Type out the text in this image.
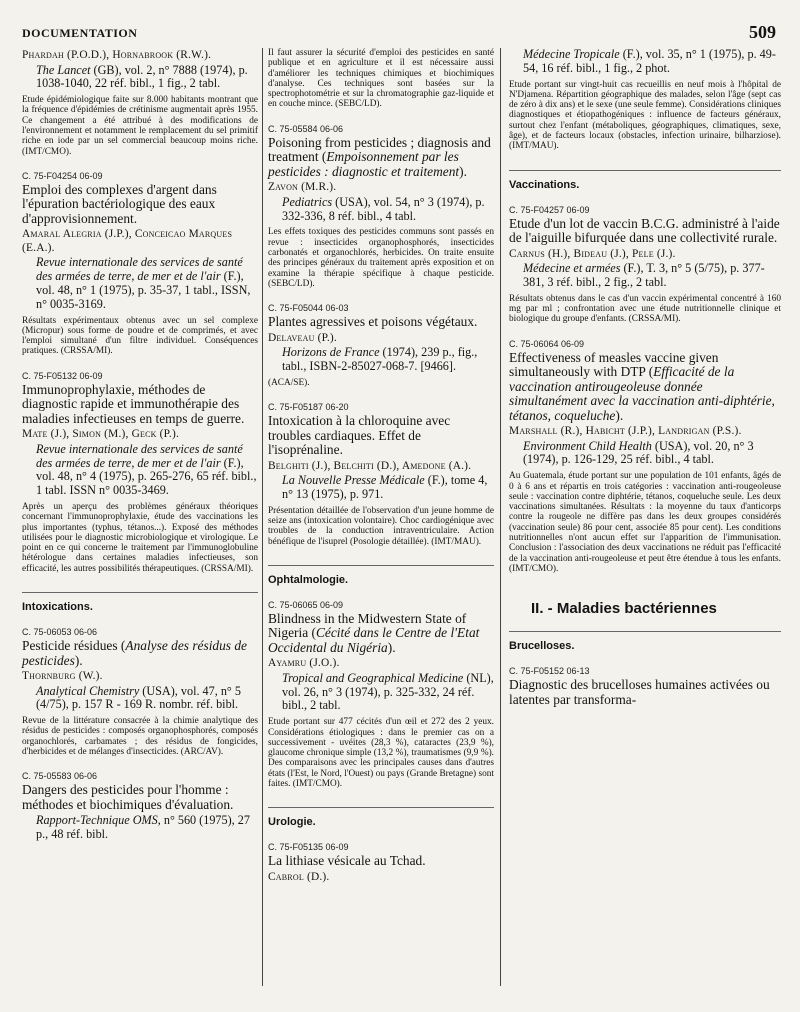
DOCUMENTATION	509

Phardah (P.O.D.), Hornabrook (R.W.).

The Lancet (GB), vol. 2, n° 7888 (1974), p. 1038-1040, 22 réf. bibl., 1 fig., 2 tabl.

Etude épidémiologique faite sur 8.000 habitants montrant que la fréquence d'épidémies de crétinisme augmentait après 1955. Ce changement a été attribué à des modifications de l'environnement et notamment le remplacement du sel primitif riche en iode par un sel commercial beaucoup moins riche. (IMT/CMO).

C. 75-F04254 06-09

Emploi des complexes d'argent dans l'épuration bactériologique des eaux d'approvisionnement.

Amaral Alegria (J.P.), Conceicao Marques (E.A.).

Revue internationale des services de santé des armées de terre, de mer et de l'air (F.), vol. 48, n° 1 (1975), p. 35-37, 1 tabl., ISSN, n° 0035-3169.

Résultats expérimentaux obtenus avec un sel complexe (Micropur) sous forme de poudre et de comprimés, et avec l'emploi simultané d'un filtre individuel. Conséquences pratiques. (CRSSA/MI).

C. 75-F05132 06-09

Immunoprophylaxie, méthodes de diagnostic rapide et immunothérapie des maladies infectieuses en temps de guerre.

Mate (J.), Simon (M.), Geck (P.).

Revue internationale des services de santé des armées de terre, de mer et de l'air (F.), vol. 48, n° 4 (1975), p. 265-276, 65 réf. bibl., 1 tabl. ISSN n° 0035-3469.

Après un aperçu des problèmes généraux théoriques concernant l'immunoprophylaxie, étude des vaccinations les plus importantes (typhus, tétanos...). Exposé des méthodes utilisées pour le diagnostic microbiologique et virologique. Le point en ce qui concerne le traitement par l'immunoglobuline hétérologue dans certaines maladies infectieuses, son efficacité, les autres possibilités thérapeutiques. (CRSSA/MI).

Intoxications.

C. 75-06053 06-06

Pesticide résidues (Analyse des résidus de pesticides).

Thornburg (W.).

Analytical Chemistry (USA), vol. 47, n° 5 (4/75), p. 157 R - 169 R. nombr. réf. bibl.

Revue de la littérature consacrée à la chimie analytique des résidus de pesticides : composés organophosphorés, composés organochlorés, carbamates ; des résidus de fongicides, d'herbicides et de mélanges d'insecticides. (ARC/AV).

C. 75-05583 06-06

Dangers des pesticides pour l'homme : méthodes et biochimiques d'évaluation.

Rapport-Technique OMS, n° 560 (1975), 27 p., 48 réf. bibl.

Il faut assurer la sécurité d'emploi des pesticides en santé publique et en agriculture et il est nécessaire aussi d'améliorer les techniques chimiques et biochimiques d'analyse. Ces techniques sont basées sur la spectrophotométrie et sur la chromatographie gaz-liquide et en couche mince. (SEBC/LD).

C. 75-05584 06-06

Poisoning from pesticides ; diagnosis and treatment (Empoisonnement par les pesticides : diagnostic et traitement).

Zavon (M.R.).

Pediatrics (USA), vol. 54, n° 3 (1974), p. 332-336, 8 réf. bibl., 4 tabl.

Les effets toxiques des pesticides communs sont passés en revue : insecticides organophosphorés, insecticides carbonatés et organochlorés, herbicides. On traite ensuite des principes généraux du traitement après exposition et on examine la thérapie spécifique à chaque pesticide. (SEBC/LD).

C. 75-F05044 06-03

Plantes agressives et poisons végétaux.

Delaveau (P.).

Horizons de France (1974), 239 p., fig., tabl., ISBN-2-85027-068-7. [9466].

(ACA/SE).

C. 75-F05187 06-20

Intoxication à la chloroquine avec troubles cardiaques. Effet de l'isoprénaline.

Belghiti (J.), Belchiti (D.), Amedone (A.).

La Nouvelle Presse Médicale (F.), tome 4, n° 13 (1975), p. 971.

Présentation détaillée de l'observation d'un jeune homme de seize ans (intoxication volontaire). Choc cardiogénique avec troubles de la conduction intraventriculaire. Action bénéfique de l'isuprel (Posologie détaillée). (IMT/MAU).

Ophtalmologie.

C. 75-06065 06-09

Blindness in the Midwestern State of Nigeria (Cécité dans le Centre de l'Etat Occidental du Nigéria).

Ayamru (J.O.).

Tropical and Geographical Medicine (NL), vol. 26, n° 3 (1974), p. 325-332, 24 réf. bibl., 2 tabl.

Etude portant sur 477 cécités d'un œil et 272 des 2 yeux. Considérations étiologiques : dans le premier cas on a successivement - uvéites (28,3 %), cataractes (23,9 %), glaucome chronique simple (13,2 %), traumatismes (9,9 %). Des comparaisons avec les principales causes dans d'autres états (l'Est, le Nord, l'Ouest) ou pays (Grande Bretagne) sont faites. (IMT/CMO).

Urologie.

C. 75-F05135 06-09

La lithiase vésicale au Tchad.

Cabrol (D.).

Médecine Tropicale (F.), vol. 35, n° 1 (1975), p. 49-54, 16 réf. bibl., 1 fig., 2 phot.

Etude portant sur vingt-huit cas recueillis en neuf mois à l'hôpital de N'Djamena. Répartition géographique des malades, selon l'âge (sept cas de zéro à dix ans) et le sexe (une seule femme). Considérations cliniques diagnostiques et étiopathogéniques : influence de facteurs généraux, surtout chez l'enfant (métaboliques, géographiques, climatiques, sexe, âge), et de facteurs locaux (obstacles, infection urinaire, bilharziose). (IMT/MAU).

Vaccinations.

C. 75-F04257 06-09

Etude d'un lot de vaccin B.C.G. administré à l'aide de l'aiguille bifurquée dans une collectivité rurale.

Carnus (H.), Bideau (J.), Pele (J.).

Médecine et armées (F.), T. 3, n° 5 (5/75), p. 377-381, 3 réf. bibl., 2 fig., 2 tabl.

Résultats obtenus dans le cas d'un vaccin expérimental concentré à 160 mg par ml ; confrontation avec une étude nutritionnelle clinique et biologique du groupe d'enfants. (CRSSA/MI).

C. 75-06064 06-09

Effectiveness of measles vaccine given simultaneously with DTP (Efficacité de la vaccination antirougeoleuse donnée simultanément avec la vaccination anti-diphtérie, tétanos, coqueluche).

Marshall (R.), Habicht (J.P.), Landrigan (P.S.).

Environment Child Health (USA), vol. 20, n° 3 (1974), p. 126-129, 25 réf. bibl., 4 tabl.

Au Guatemala, étude portant sur une population de 101 enfants, âgés de 0 à 6 ans et répartis en trois catégories : vaccination anti-rougeoleuse seule : vaccination contre diphtérie, tétanos, coqueluche seule. Les deux vaccinations simultanées. Résultats : la moyenne du taux d'anticorps contre la rougeole ne diffère pas dans les deux groupes considérés (vaccination seule) 86 pour cent, associée 85 pour cent). Les conditions nutritionnelles n'ont aucun effet sur l'apparition de l'immunisation. Conclusion : l'association des deux vaccinations ne réduit pas l'efficacité de la vaccination anti-rougeoleuse et peut être étendue à tous les enfants. (IMT/CMO).

II. - Maladies bactériennes

Brucelloses.

C. 75-F05152 06-13

Diagnostic des brucelloses humaines activées ou latentes par transforma-
